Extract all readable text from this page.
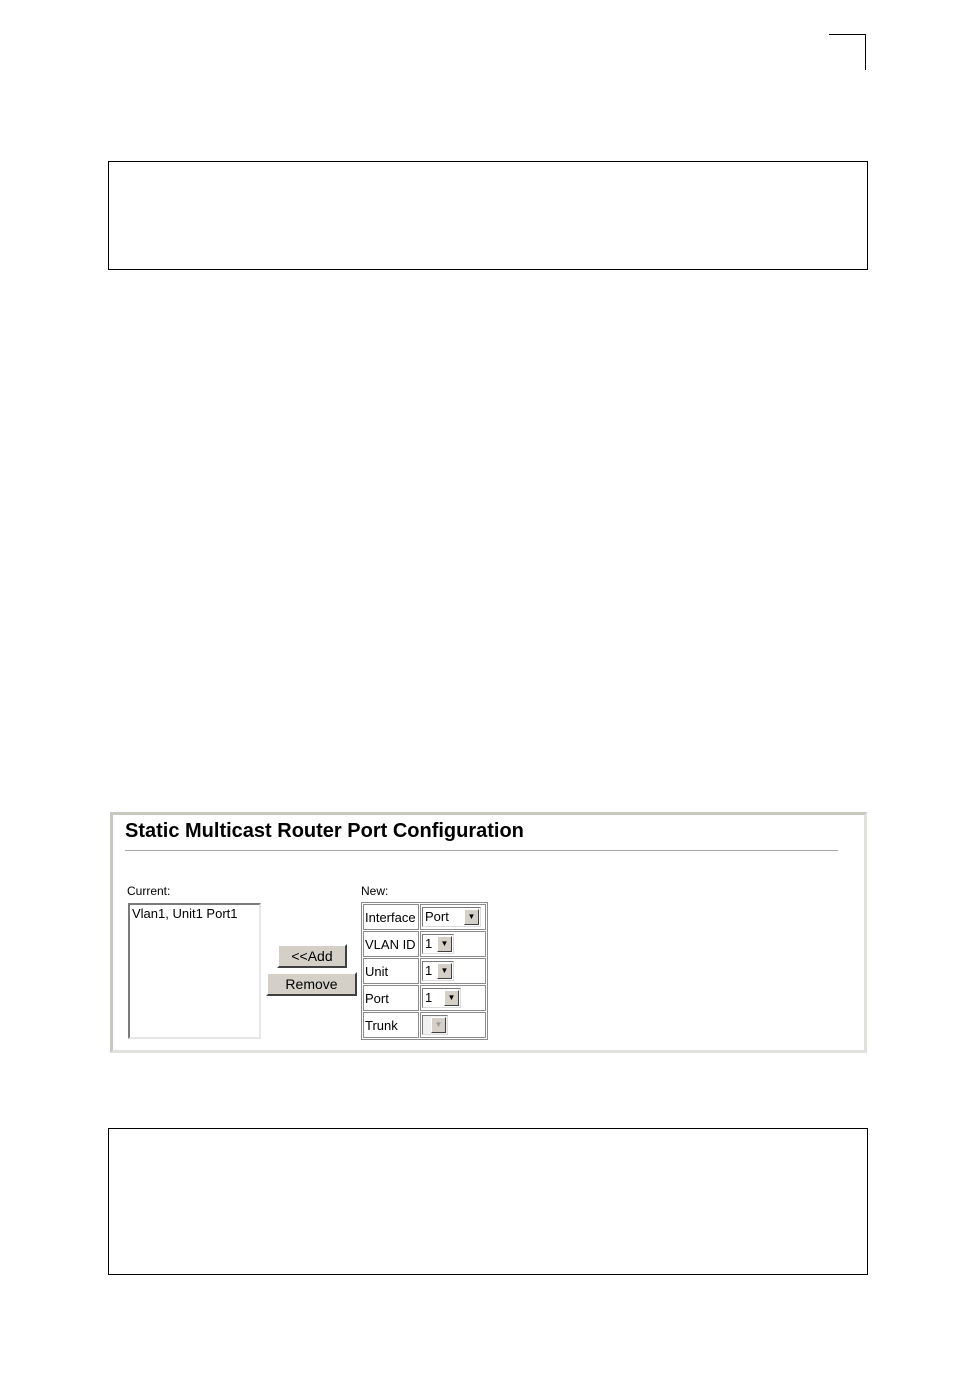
Static Multicast Router Port Configuration
Current:	New:
Vlan1, Unit1 Port1
<<Add
Remove
Interface	Port ▼

VLAN ID	1 ▼

Unit	1 ▼

Port	1 ▼

Trunk	▼
